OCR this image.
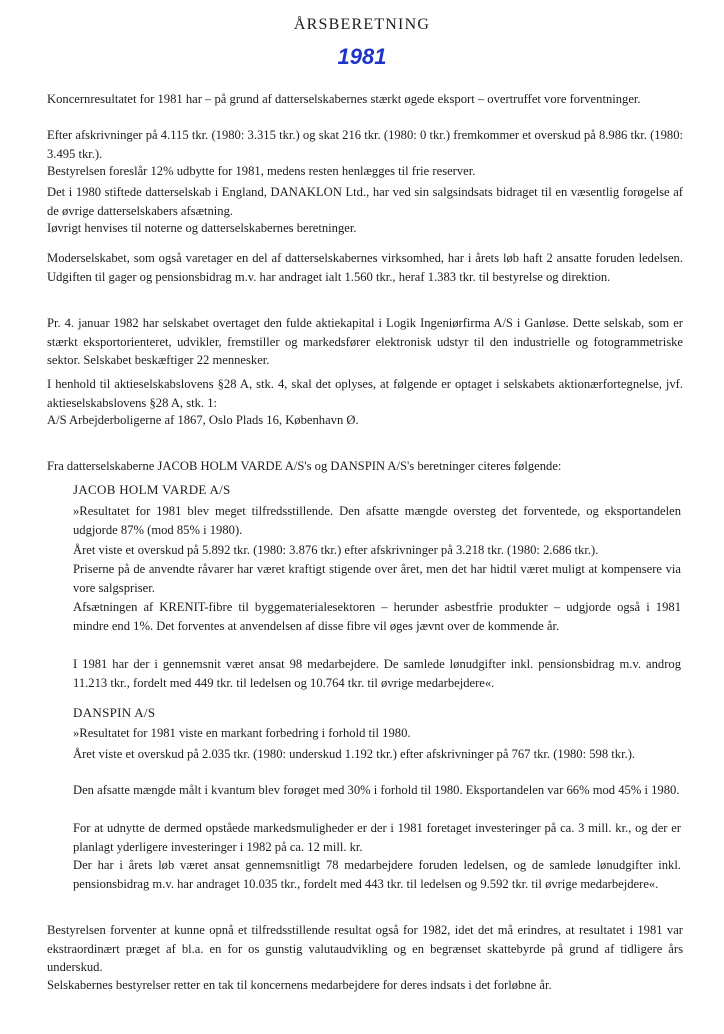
ÅRSBERETNING
1981

Koncernresultatet for 1981 har – på grund af datterselskabernes stærkt øgede eksport – overtruffet vore forventninger.

Efter afskrivninger på 4.115 tkr. (1980: 3.315 tkr.) og skat 216 tkr. (1980: 0 tkr.) fremkommer et overskud på 8.986 tkr. (1980: 3.495 tkr.).

Bestyrelsen foreslår 12% udbytte for 1981, medens resten henlægges til frie reserver.

Det i 1980 stiftede datterselskab i England, DANAKLON Ltd., har ved sin salgsindsats bidraget til en væsentlig forøgelse af de øvrige datterselskabers afsætning.

Iøvrigt henvises til noterne og datterselskabernes beretninger.

Moderselskabet, som også varetager en del af datterselskabernes virksomhed, har i årets løb haft 2 ansatte foruden ledelsen. Udgiften til gager og pensionsbidrag m.v. har andraget ialt 1.560 tkr., heraf 1.383 tkr. til bestyrelse og direktion.

Pr. 4. januar 1982 har selskabet overtaget den fulde aktiekapital i Logik Ingeniørfirma A/S i Ganløse. Dette selskab, som er stærkt eksportorienteret, udvikler, fremstiller og markedsfører elektronisk udstyr til den industrielle og fotogrammetriske sektor. Selskabet beskæftiger 22 mennesker.

I henhold til aktieselskabslovens §28 A, stk. 4, skal det oplyses, at følgende er optaget i selskabets aktionærfortegnelse, jvf. aktieselskabslovens §28 A, stk. 1:

A/S Arbejderboligerne af 1867, Oslo Plads 16, København Ø.

Fra datterselskaberne JACOB HOLM VARDE A/S's og DANSPIN A/S's beretninger citeres følgende:

JACOB HOLM VARDE A/S

»Resultatet for 1981 blev meget tilfredsstillende. Den afsatte mængde oversteg det forventede, og eksportandelen udgjorde 87% (mod 85% i 1980).

Året viste et overskud på 5.892 tkr. (1980: 3.876 tkr.) efter afskrivninger på 3.218 tkr. (1980: 2.686 tkr.).

Priserne på de anvendte råvarer har været kraftigt stigende over året, men det har hidtil været muligt at kompensere via vore salgspriser.

Afsætningen af KRENIT-fibre til byggematerialesektoren – herunder asbestfrie produkter – udgjorde også i 1981 mindre end 1%. Det forventes at anvendelsen af disse fibre vil øges jævnt over de kommende år.

I 1981 har der i gennemsnit været ansat 98 medarbejdere. De samlede lønudgifter inkl. pensionsbidrag m.v. androg 11.213 tkr., fordelt med 449 tkr. til ledelsen og 10.764 tkr. til øvrige medarbejdere«.

DANSPIN A/S

»Resultatet for 1981 viste en markant forbedring i forhold til 1980.

Året viste et overskud på 2.035 tkr. (1980: underskud 1.192 tkr.) efter afskrivninger på 767 tkr. (1980: 598 tkr.).

Den afsatte mængde målt i kvantum blev forøget med 30% i forhold til 1980. Eksportandelen var 66% mod 45% i 1980.

For at udnytte de dermed opståede markedsmuligheder er der i 1981 foretaget investeringer på ca. 3 mill. kr., og der er planlagt yderligere investeringer i 1982 på ca. 12 mill. kr.

Der har i årets løb været ansat gennemsnitligt 78 medarbejdere foruden ledelsen, og de samlede lønudgifter inkl. pensionsbidrag m.v. har andraget 10.035 tkr., fordelt med 443 tkr. til ledelsen og 9.592 tkr. til øvrige medarbejdere«.

Bestyrelsen forventer at kunne opnå et tilfredsstillende resultat også for 1982, idet det må erindres, at resultatet i 1981 var ekstraordinært præget af bl.a. en for os gunstig valutaudvikling og en begrænset skattebyrde på grund af tidligere års underskud.

Selskabernes bestyrelser retter en tak til koncernens medarbejdere for deres indsats i det forløbne år.
